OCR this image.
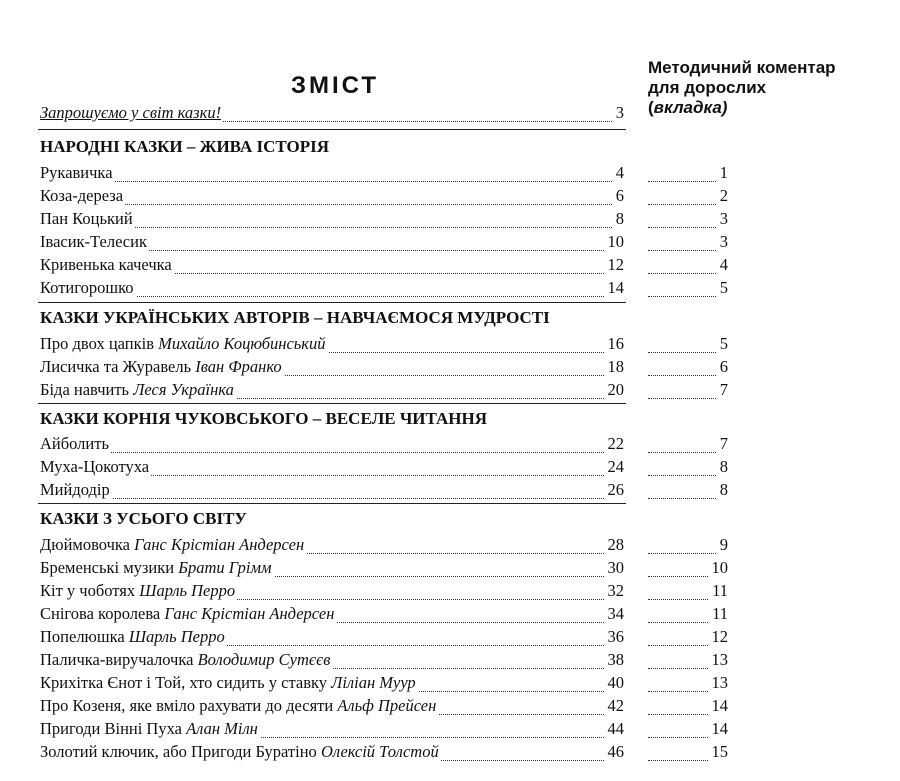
ЗМІСТ
Методичний коментар
для дорослих
(вкладка)
Запрошуємо у світ казки!	3
НАРОДНІ КАЗКИ – ЖИВА ІСТОРІЯ
Рукавичка	4	1
Коза-дереза	6	2
Пан Коцький	8	3
Івасик-Телесик	10	3
Кривенька качечка	12	4
Котигорошко	14	5
КАЗКИ УКРАЇНСЬКИХ АВТОРІВ – НАВЧАЄМОСЯ МУДРОСТІ
Про двох цапків Михайло Коцюбинський	16	5
Лисичка та Журавель Іван Франко	18	6
Біда навчить Леся Українка	20	7
КАЗКИ КОРНІЯ ЧУКОВСЬКОГО – ВЕСЕЛЕ ЧИТАННЯ
Айболить	22	7
Муха-Цокотуха	24	8
Мийдодір	26	8
КАЗКИ З УСЬОГО СВІТУ
Дюймовочка Ганс Крістіан Андерсен	28	9
Бременські музики Брати Грімм	30	10
Кіт у чоботях Шарль Перро	32	11
Снігова королева Ганс Крістіан Андерсен	34	11
Попелюшка Шарль Перро	36	12
Паличка-виручалочка Володимир Сутєєв	38	13
Крихітка Єнот і Той, хто сидить у ставку Ліліан Муур	40	13
Про Козеня, яке вміло рахувати до десяти Альф Прейсен	42	14
Пригоди Вінні Пуха Алан Мілн	44	14
Золотий ключик, або Пригоди Буратіно Олексій Толстой	46	15
